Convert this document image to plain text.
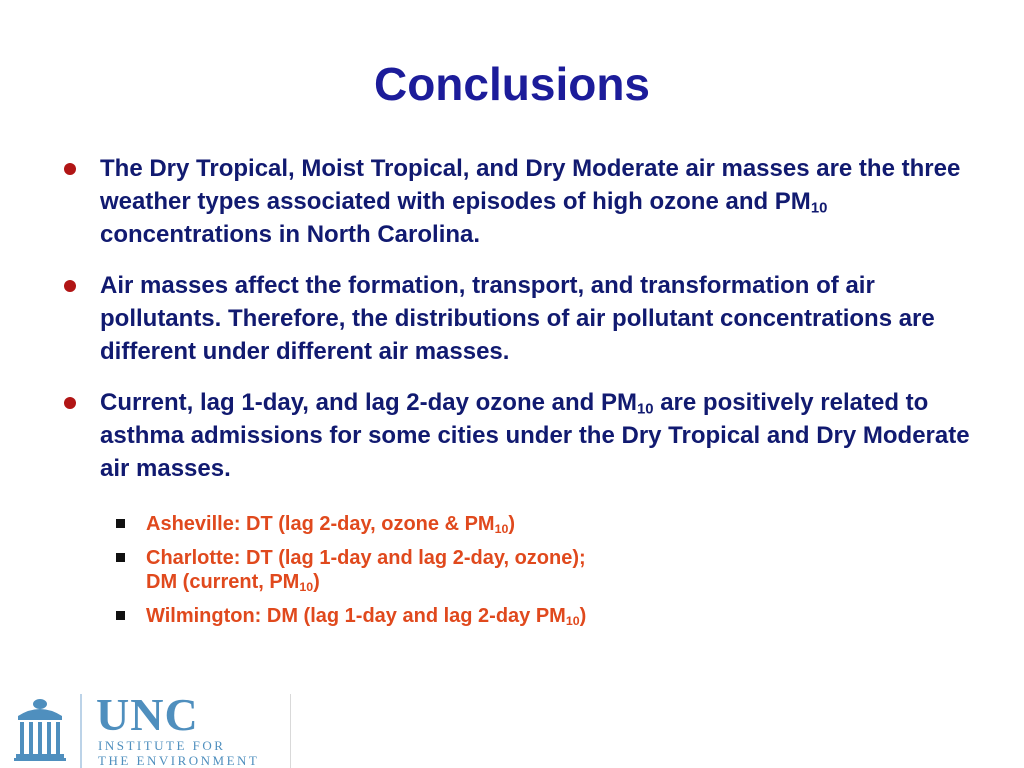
Conclusions
The Dry Tropical, Moist Tropical, and Dry Moderate air masses are the three weather types associated with episodes of high ozone and $PM_{10}$ concentrations in North Carolina.
Air masses affect the formation, transport, and transformation of air pollutants. Therefore, the distributions of air pollutant concentrations are different under different air masses.
Current, lag 1-day, and lag 2-day ozone and $PM_{10}$ are positively related to asthma admissions for some cities under the Dry Tropical and Dry Moderate air masses.
Asheville: DT (lag 2-day, ozone & $PM_{10}$)
Charlotte: DT (lag 1-day and lag 2-day, ozone);
DM (current, $PM_{10}$)
Wilmington: DM (lag 1-day and lag 2-day $PM_{10}$)
UNC
INSTITUTE FOR
THE ENVIRONMENT
